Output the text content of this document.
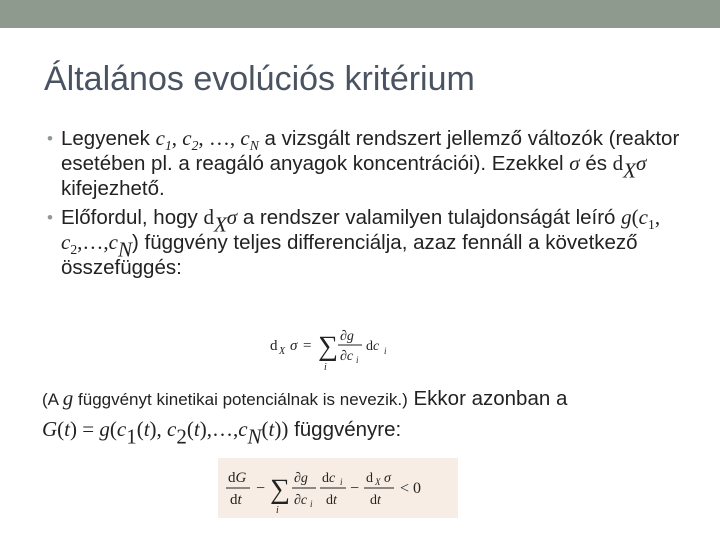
Általános evolúciós kritérium
• Legyenek $c_1$, $c_2$, …, $c_N$ a vizsgált rendszert jellemző változók (reaktor esetében pl. a reagáló anyagok koncentrációi). Ezekkel σ és $d_X\sigma$ kifejezhető.
• Előfordul, hogy $d_X\sigma$ a rendszer valamilyen tulajdonságát leíró $g(c_1$, $c_2,\dots,c_N$) függvény teljes differenciálja, azaz fennáll a következő összefüggés:
d X σ = ∑
i
∂g
∂c i
dc i
(A g függvényt kinetikai potenciálnak is nevezik.) Ekkor azonban a
$G(t) = g(c_1(t)$, $c_2(t),\dots,c_N(t)$) függvényre:
dG
dt
− ∑
i
∂g
∂c i
dc i
dt
−
d X σ
dt
< 0
